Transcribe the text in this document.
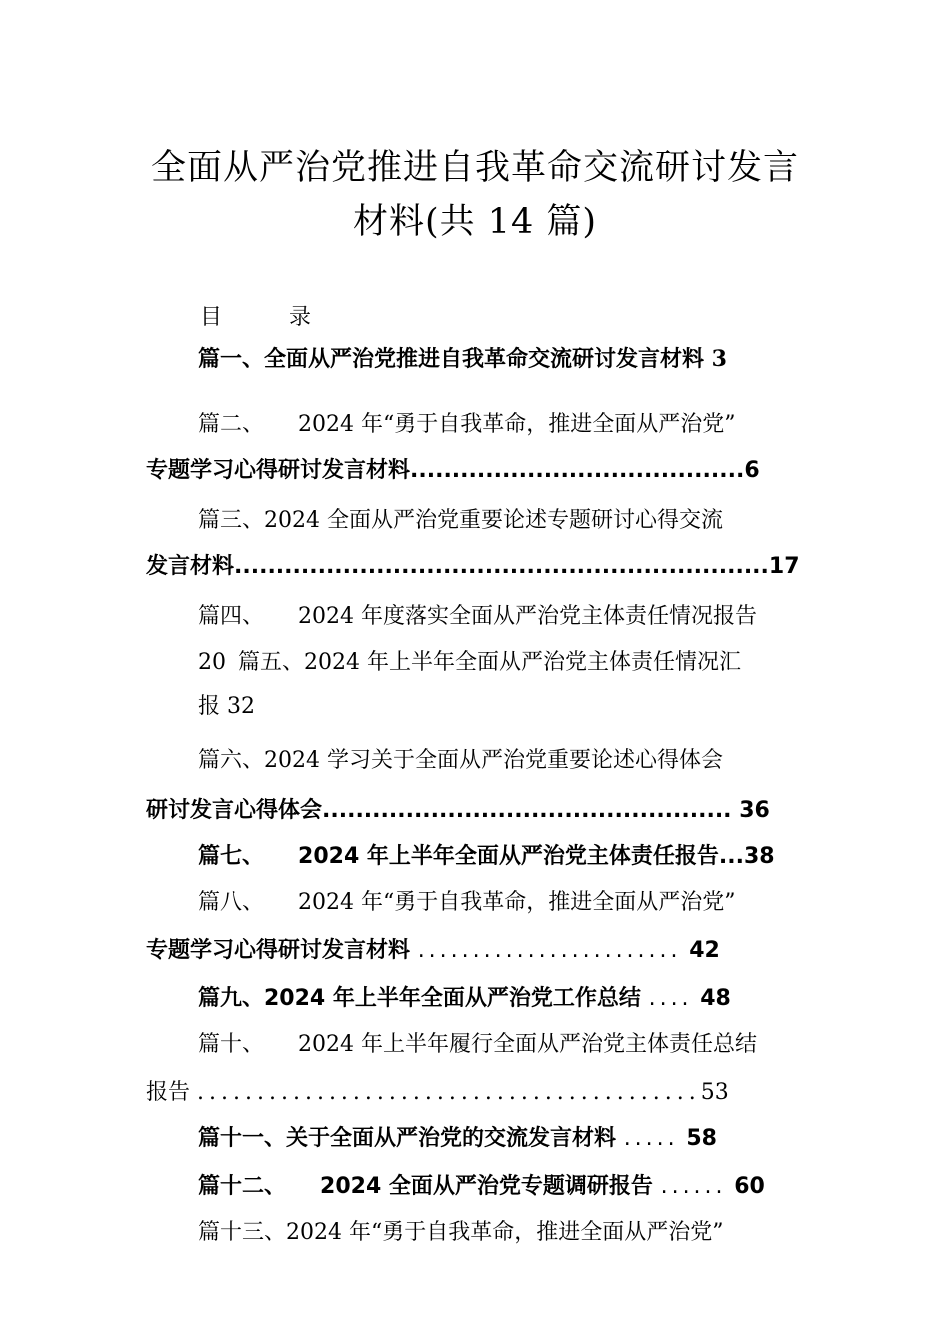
全面从严治党推进自我革命交流研讨发言
材料(共 14 篇)
目 录
篇一、全面从严治党推进自我革命交流研讨发言材料 3
篇二、 2024 年“勇于自我革命，推进全面从严治党”
专题学习心得研讨发言材料........................................6
篇三、2024 全面从严治党重要论述专题研讨心得交流
发言材料................................................................17
篇四、 2024 年度落实全面从严治党主体责任情况报告
20 篇五、2024 年上半年全面从严治党主体责任情况汇
报 32
篇六、2024 学习关于全面从严治党重要论述心得体会
研讨发言心得体会................................................. 36
篇七、 2024 年上半年全面从严治党主体责任报告...38
篇八、 2024 年“勇于自我革命，推进全面从严治党”
专题学习心得研讨发言材料 ........................ 42
篇九、2024 年上半年全面从严治党工作总结 .... 48
篇十、 2024 年上半年履行全面从严治党主体责任总结
报告 ..........................................53
篇十一、关于全面从严治党的交流发言材料 ..... 58
篇十二、 2024 全面从严治党专题调研报告 ...... 60
篇十三、2024 年“勇于自我革命，推进全面从严治党”
